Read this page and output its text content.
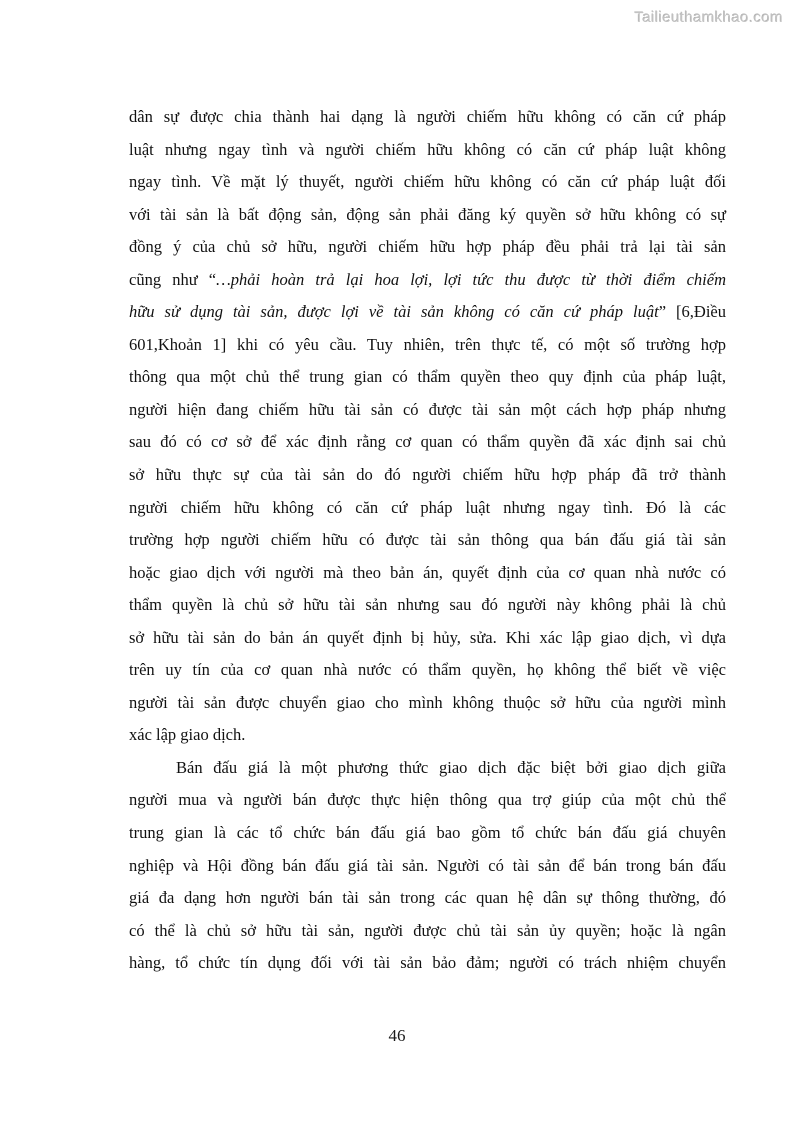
Tailieuthamkhao.com
dân sự được chia thành hai dạng là người chiếm hữu không có căn cứ pháp
luật nhưng ngay tình và người chiếm hữu không có căn cứ pháp luật không
ngay tình. Về mặt lý thuyết, người chiếm hữu không có căn cứ pháp luật đối
với tài sản là bất động sản, động sản phải đăng ký quyền sở hữu không có sự
đồng ý của chủ sở hữu, người chiếm hữu hợp pháp đều phải trả lại tài sản
cũng như “…phải hoàn trả lại hoa lợi, lợi tức thu được từ thời điểm chiếm
hữu sử dụng tài sản, được lợi về tài sản không có căn cứ pháp luật” [6,Điều
601,Khoản 1] khi có yêu cầu. Tuy nhiên, trên thực tế, có một số trường hợp
thông qua một chủ thể trung gian có thẩm quyền theo quy định của pháp luật,
người hiện đang chiếm hữu tài sản có được tài sản một cách hợp pháp nhưng
sau đó có cơ sở để xác định rằng cơ quan có thẩm quyền đã xác định sai chủ
sở hữu thực sự của tài sản do đó người chiếm hữu hợp pháp đã trở thành
người chiếm hữu không có căn cứ pháp luật nhưng ngay tình. Đó là các
trường hợp người chiếm hữu có được tài sản thông qua bán đấu giá tài sản
hoặc giao dịch với người mà theo bản án, quyết định của cơ quan nhà nước có
thẩm quyền là chủ sở hữu tài sản nhưng sau đó người này không phải là chủ
sở hữu tài sản do bản án quyết định bị hủy, sửa. Khi xác lập giao dịch, vì dựa
trên uy tín của cơ quan nhà nước có thẩm quyền, họ không thể biết về việc
người tài sản được chuyển giao cho mình không thuộc sở hữu của người mình
xác lập giao dịch.
Bán đấu giá là một phương thức giao dịch đặc biệt bởi giao dịch giữa
người mua và người bán được thực hiện thông qua trợ giúp của một chủ thể
trung gian là các tổ chức bán đấu giá bao gồm tổ chức bán đấu giá chuyên
nghiệp và Hội đồng bán đấu giá tài sản. Người có tài sản để bán trong bán đấu
giá đa dạng hơn người bán tài sản trong các quan hệ dân sự thông thường, đó
có thể là chủ sở hữu tài sản, người được chủ tài sản ủy quyền; hoặc là ngân
hàng, tổ chức tín dụng đối với tài sản bảo đảm; người có trách nhiệm chuyển
46
